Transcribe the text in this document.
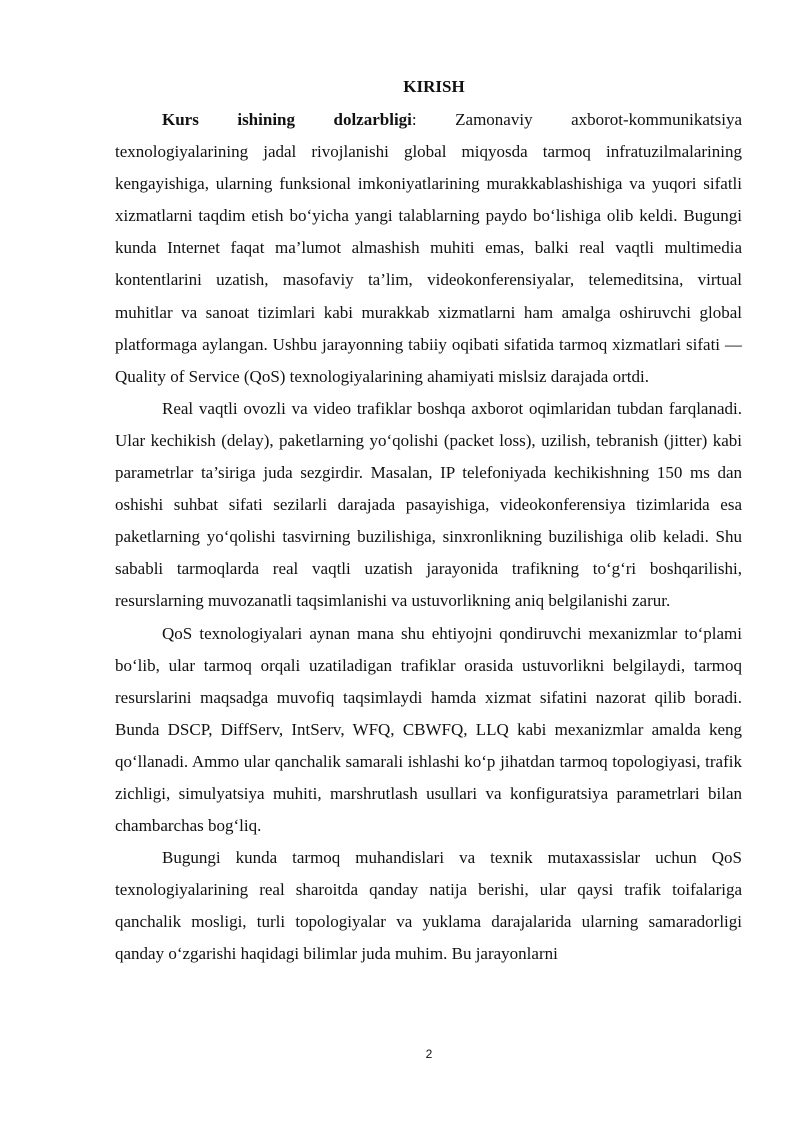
KIRISH

Kurs ishining dolzarbligi: Zamonaviy axborot-kommunikatsiya texnologiyalarining jadal rivojlanishi global miqyosda tarmoq infratuzilmalarining kengayishiga, ularning funksional imkoniyatlarining murakkablashishiga va yuqori sifatli xizmatlarni taqdim etish bo‘yicha yangi talablarning paydo bo‘lishiga olib keldi. Bugungi kunda Internet faqat ma’lumot almashish muhiti emas, balki real vaqtli multimedia kontentlarini uzatish, masofaviy ta’lim, videokonferensiyalar, telemeditsina, virtual muhitlar va sanoat tizimlari kabi murakkab xizmatlarni ham amalga oshiruvchi global platformaga aylangan. Ushbu jarayonning tabiiy oqibati sifatida tarmoq xizmatlari sifati — Quality of Service (QoS) texnologiyalarining ahamiyati mislsiz darajada ortdi.

Real vaqtli ovozli va video trafiklar boshqa axborot oqimlaridan tubdan farqlanadi. Ular kechikish (delay), paketlarning yo‘qolishi (packet loss), uzilish, tebranish (jitter) kabi parametrlar ta’siriga juda sezgirdir. Masalan, IP telefoniyada kechikishning 150 ms dan oshishi suhbat sifati sezilarli darajada pasayishiga, videokonferensiya tizimlarida esa paketlarning yo‘qolishi tasvirning buzilishiga, sinxronlikning buzilishiga olib keladi. Shu sababli tarmoqlarda real vaqtli uzatish jarayonida trafikning to‘g‘ri boshqarilishi, resurslarning muvozanatli taqsimlanishi va ustuvorlikning aniq belgilanishi zarur.

QoS texnologiyalari aynan mana shu ehtiyojni qondiruvchi mexanizmlar to‘plami bo‘lib, ular tarmoq orqali uzatiladigan trafiklar orasida ustuvorlikni belgilaydi, tarmoq resurslarini maqsadga muvofiq taqsimlaydi hamda xizmat sifatini nazorat qilib boradi. Bunda DSCP, DiffServ, IntServ, WFQ, CBWFQ, LLQ kabi mexanizmlar amalda keng qo‘llanadi. Ammo ular qanchalik samarali ishlashi ko‘p jihatdan tarmoq topologiyasi, trafik zichligi, simulyatsiya muhiti, marshrutlash usullari va konfiguratsiya parametrlari bilan chambarchas bog‘liq.

Bugungi kunda tarmoq muhandislari va texnik mutaxassislar uchun QoS texnologiyalarining real sharoitda qanday natija berishi, ular qaysi trafik toifalariga qanchalik mosligi, turli topologiyalar va yuklama darajalarida ularning samaradorligi qanday o‘zgarishi haqidagi bilimlar juda muhim. Bu jarayonlarni

2
